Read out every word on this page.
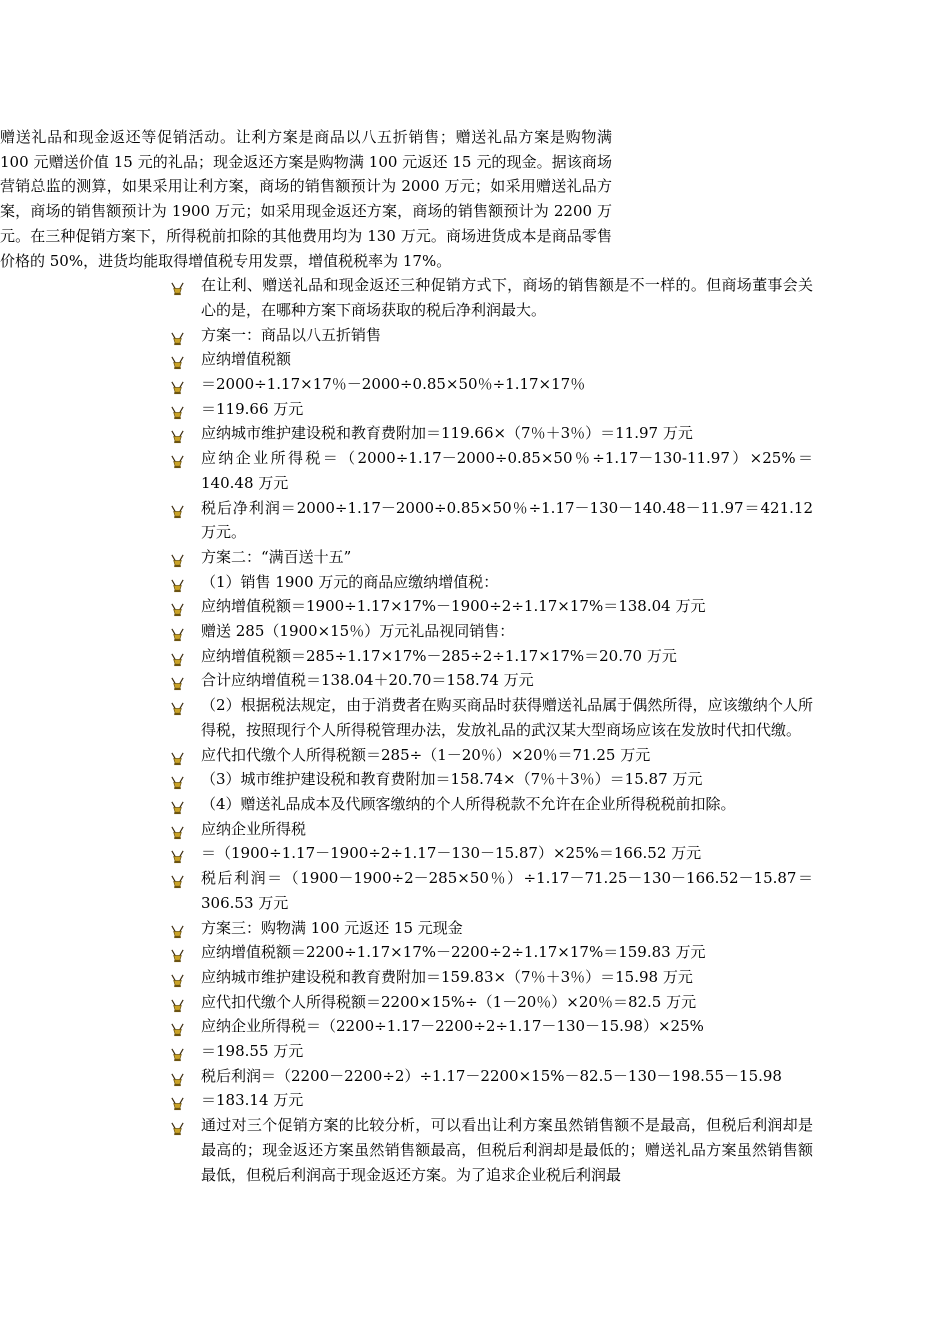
赠送礼品和现金返还等促销活动。让利方案是商品以八五折销售；赠送礼品方案是购物满 100 元赠送价值 15 元的礼品；现金返还方案是购物满 100 元返还 15 元的现金。据该商场营销总监的测算，如果采用让利方案，商场的销售额预计为 2000 万元；如采用赠送礼品方案，商场的销售额预计为 1900 万元；如采用现金返还方案，商场的销售额预计为 2200 万元。在三种促销方案下，所得税前扣除的其他费用均为 130 万元。商场进货成本是商品零售价格的 50%，进货均能取得增值税专用发票，增值税税率为 17%。

在让利、赠送礼品和现金返还三种促销方式下，商场的销售额是不一样的。但商场董事会关心的是，在哪种方案下商场获取的税后净利润最大。
方案一：商品以八五折销售
应纳增值税额
＝2000÷1.17×17％－2000÷0.85×50％÷1.17×17％
＝119.66 万元
应纳城市维护建设税和教育费附加＝119.66×（7％＋3％）＝11.97 万元
应纳企业所得税＝（2000÷1.17－2000÷0.85×50％÷1.17－130-11.97）×25%＝140.48 万元
税后净利润＝2000÷1.17－2000÷0.85×50％÷1.17－130－140.48－11.97＝421.12 万元。
方案二：“满百送十五”
（1）销售 1900 万元的商品应缴纳增值税：
应纳增值税额＝1900÷1.17×17%－1900÷2÷1.17×17%＝138.04 万元
赠送 285（1900×15％）万元礼品视同销售：
应纳增值税额＝285÷1.17×17%－285÷2÷1.17×17%＝20.70 万元
合计应纳增值税＝138.04＋20.70＝158.74 万元
（2）根据税法规定，由于消费者在购买商品时获得赠送礼品属于偶然所得，应该缴纳个人所得税，按照现行个人所得税管理办法，发放礼品的武汉某大型商场应该在发放时代扣代缴。
应代扣代缴个人所得税额＝285÷（1－20％）×20％＝71.25 万元
（3）城市维护建设税和教育费附加＝158.74×（7％＋3％）＝15.87 万元
（4）赠送礼品成本及代顾客缴纳的个人所得税款不允许在企业所得税税前扣除。
应纳企业所得税
＝（1900÷1.17－1900÷2÷1.17－130－15.87）×25%＝166.52 万元
税后利润＝（1900－1900÷2－285×50％）÷1.17－71.25－130－166.52－15.87＝306.53 万元
方案三：购物满 100 元返还 15 元现金
应纳增值税额＝2200÷1.17×17%－2200÷2÷1.17×17%＝159.83 万元
应纳城市维护建设税和教育费附加＝159.83×（7％＋3％）＝15.98 万元
应代扣代缴个人所得税额＝2200×15%÷（1－20％）×20％＝82.5 万元
应纳企业所得税＝（2200÷1.17－2200÷2÷1.17－130－15.98）×25%
＝198.55 万元
税后利润＝（2200－2200÷2）÷1.17－2200×15%－82.5－130－198.55－15.98
＝183.14 万元
通过对三个促销方案的比较分析，可以看出让利方案虽然销售额不是最高，但税后利润却是最高的；现金返还方案虽然销售额最高，但税后利润却是最低的；赠送礼品方案虽然销售额最低，但税后利润高于现金返还方案。为了追求企业税后利润最
